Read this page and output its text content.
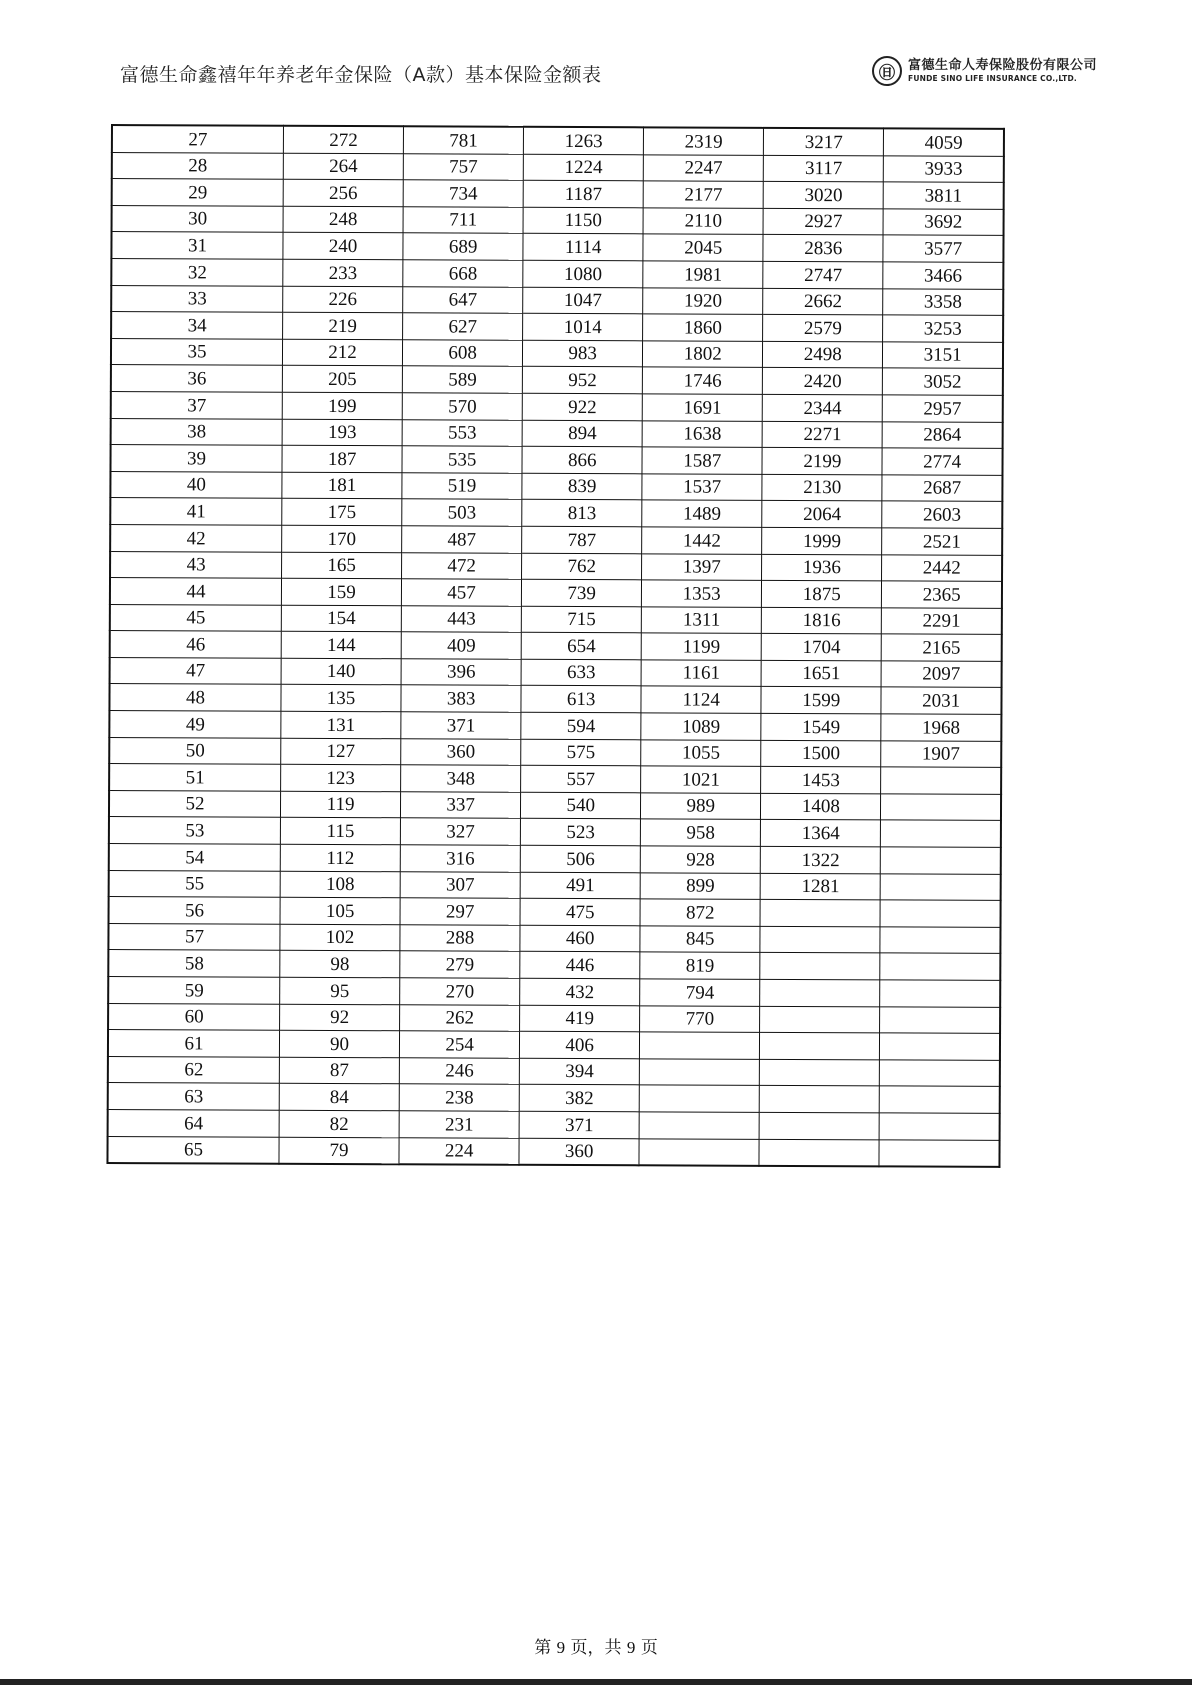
富德生命鑫禧年年养老年金保险（A款）基本保险金额表	㊐	富德生命人寿保险股份有限公司
FUNDE SINO LIFE INSURANCE CO.,LTD.
27	272	781	1263	2319	3217	4059
28	264	757	1224	2247	3117	3933
29	256	734	1187	2177	3020	3811
30	248	711	1150	2110	2927	3692
31	240	689	1114	2045	2836	3577
32	233	668	1080	1981	2747	3466
33	226	647	1047	1920	2662	3358
34	219	627	1014	1860	2579	3253
35	212	608	983	1802	2498	3151
36	205	589	952	1746	2420	3052
37	199	570	922	1691	2344	2957
38	193	553	894	1638	2271	2864
39	187	535	866	1587	2199	2774
40	181	519	839	1537	2130	2687
41	175	503	813	1489	2064	2603
42	170	487	787	1442	1999	2521
43	165	472	762	1397	1936	2442
44	159	457	739	1353	1875	2365
45	154	443	715	1311	1816	2291
46	144	409	654	1199	1704	2165
47	140	396	633	1161	1651	2097
48	135	383	613	1124	1599	2031
49	131	371	594	1089	1549	1968
50	127	360	575	1055	1500	1907
51	123	348	557	1021	1453	
52	119	337	540	989	1408	
53	115	327	523	958	1364	
54	112	316	506	928	1322	
55	108	307	491	899	1281	
56	105	297	475	872		
57	102	288	460	845		
58	98	279	446	819		
59	95	270	432	794		
60	92	262	419	770		
61	90	254	406			
62	87	246	394			
63	84	238	382			
64	82	231	371			
65	79	224	360			
第 9 页，共 9 页
